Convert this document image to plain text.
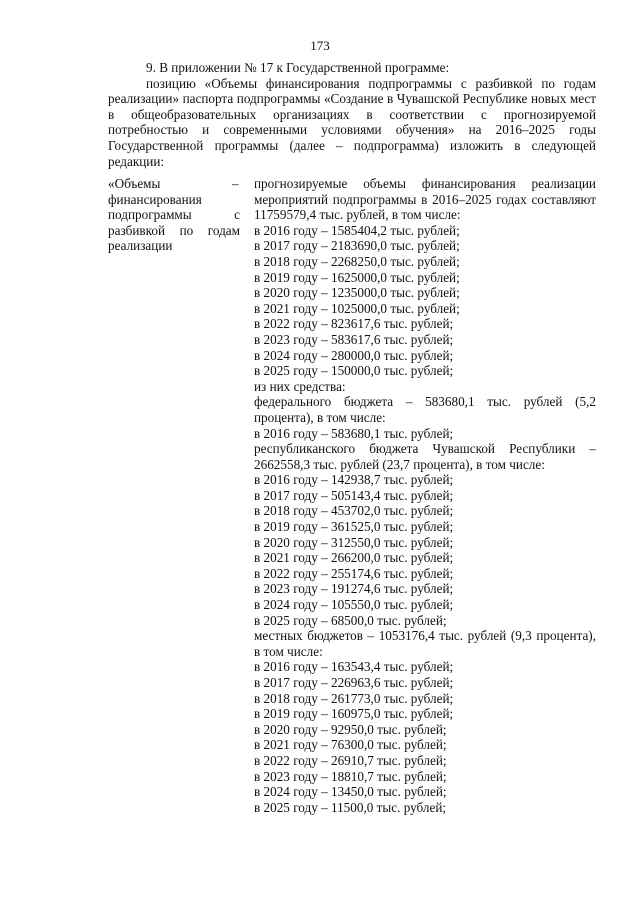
173
9. В приложении № 17 к Государственной программе:
позицию «Объемы финансирования подпрограммы с разбивкой по годам реализации» паспорта подпрограммы «Создание в Чувашской Республике новых мест в общеобразовательных организациях в соответствии с прогнозируемой потребностью и современными условиями обучения» на 2016–2025 годы Государственной программы (далее – подпрограмма) изложить в следующей редакции:
«Объемы финансирования подпрограммы с разбивкой по годам реализации
– прогнозируемые объемы финансирования реализации мероприятий подпрограммы в 2016–2025 годах составляют 11759579,4 тыс. рублей, в том числе:
в 2016 году – 1585404,2 тыс. рублей;
в 2017 году – 2183690,0 тыс. рублей;
в 2018 году – 2268250,0 тыс. рублей;
в 2019 году – 1625000,0 тыс. рублей;
в 2020 году – 1235000,0 тыс. рублей;
в 2021 году – 1025000,0 тыс. рублей;
в 2022 году – 823617,6 тыс. рублей;
в 2023 году – 583617,6 тыс. рублей;
в 2024 году – 280000,0 тыс. рублей;
в 2025 году – 150000,0 тыс. рублей;
из них средства:
федерального бюджета – 583680,1 тыс. рублей (5,2 процента), в том числе:
в 2016 году – 583680,1 тыс. рублей;
республиканского бюджета Чувашской Республики – 2662558,3 тыс. рублей (23,7 процента), в том числе:
в 2016 году – 142938,7 тыс. рублей;
в 2017 году – 505143,4 тыс. рублей;
в 2018 году – 453702,0 тыс. рублей;
в 2019 году – 361525,0 тыс. рублей;
в 2020 году – 312550,0 тыс. рублей;
в 2021 году – 266200,0 тыс. рублей;
в 2022 году – 255174,6 тыс. рублей;
в 2023 году – 191274,6 тыс. рублей;
в 2024 году – 105550,0 тыс. рублей;
в 2025 году – 68500,0 тыс. рублей;
местных бюджетов – 1053176,4 тыс. рублей (9,3 процента), в том числе:
в 2016 году – 163543,4 тыс. рублей;
в 2017 году – 226963,6 тыс. рублей;
в 2018 году – 261773,0 тыс. рублей;
в 2019 году – 160975,0 тыс. рублей;
в 2020 году – 92950,0 тыс. рублей;
в 2021 году – 76300,0 тыс. рублей;
в 2022 году – 26910,7 тыс. рублей;
в 2023 году – 18810,7 тыс. рублей;
в 2024 году – 13450,0 тыс. рублей;
в 2025 году – 11500,0 тыс. рублей;
